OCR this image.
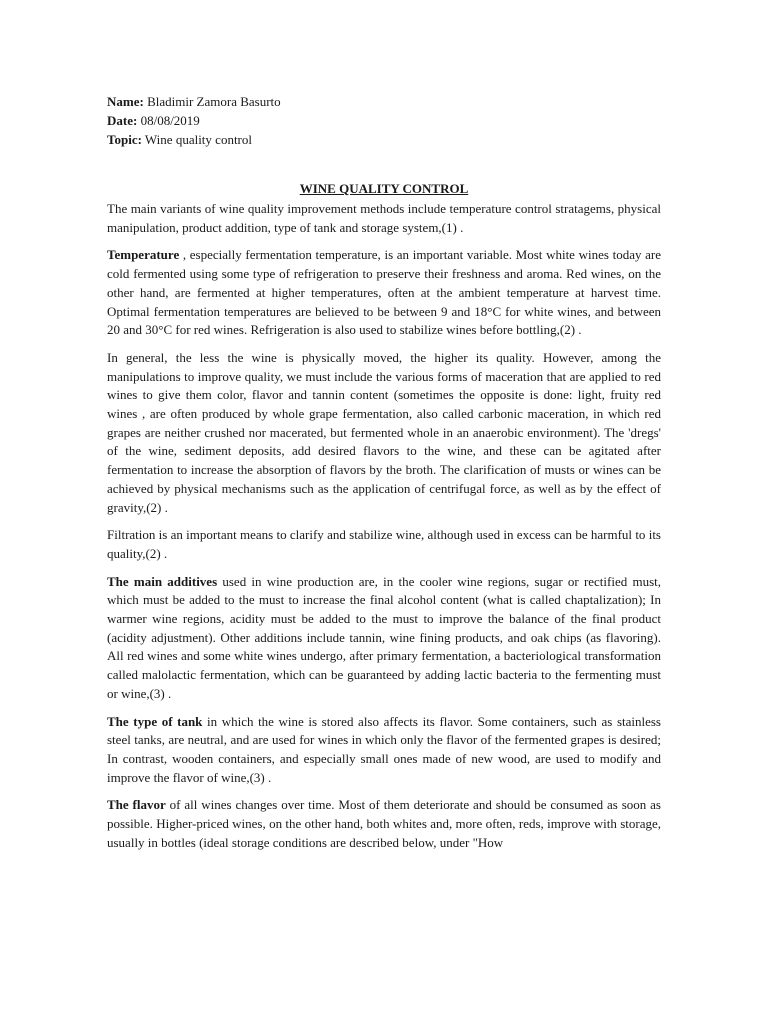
Name: Bladimir Zamora Basurto

Date: 08/08/2019

Topic: Wine quality control

WINE QUALITY CONTROL

The main variants of wine quality improvement methods include temperature control stratagems, physical manipulation, product addition, type of tank and storage system,(1) .

Temperature , especially fermentation temperature, is an important variable. Most white wines today are cold fermented using some type of refrigeration to preserve their freshness and aroma. Red wines, on the other hand, are fermented at higher temperatures, often at the ambient temperature at harvest time. Optimal fermentation temperatures are believed to be between 9 and 18°C for white wines, and between 20 and 30°C for red wines. Refrigeration is also used to stabilize wines before bottling,(2) .

In general, the less the wine is physically moved, the higher its quality. However, among the manipulations to improve quality, we must include the various forms of maceration that are applied to red wines to give them color, flavor and tannin content (sometimes the opposite is done: light, fruity red wines , are often produced by whole grape fermentation, also called carbonic maceration, in which red grapes are neither crushed nor macerated, but fermented whole in an anaerobic environment). The 'dregs' of the wine, sediment deposits, add desired flavors to the wine, and these can be agitated after fermentation to increase the absorption of flavors by the broth. The clarification of musts or wines can be achieved by physical mechanisms such as the application of centrifugal force, as well as by the effect of gravity,(2) .

Filtration is an important means to clarify and stabilize wine, although used in excess can be harmful to its quality,(2) .

The main additives used in wine production are, in the cooler wine regions, sugar or rectified must, which must be added to the must to increase the final alcohol content (what is called chaptalization); In warmer wine regions, acidity must be added to the must to improve the balance of the final product (acidity adjustment). Other additions include tannin, wine fining products, and oak chips (as flavoring). All red wines and some white wines undergo, after primary fermentation, a bacteriological transformation called malolactic fermentation, which can be guaranteed by adding lactic bacteria to the fermenting must or wine,(3) .

The type of tank in which the wine is stored also affects its flavor. Some containers, such as stainless steel tanks, are neutral, and are used for wines in which only the flavor of the fermented grapes is desired; In contrast, wooden containers, and especially small ones made of new wood, are used to modify and improve the flavor of wine,(3) .

The flavor of all wines changes over time. Most of them deteriorate and should be consumed as soon as possible. Higher-priced wines, on the other hand, both whites and, more often, reds, improve with storage, usually in bottles (ideal storage conditions are described below, under "How
